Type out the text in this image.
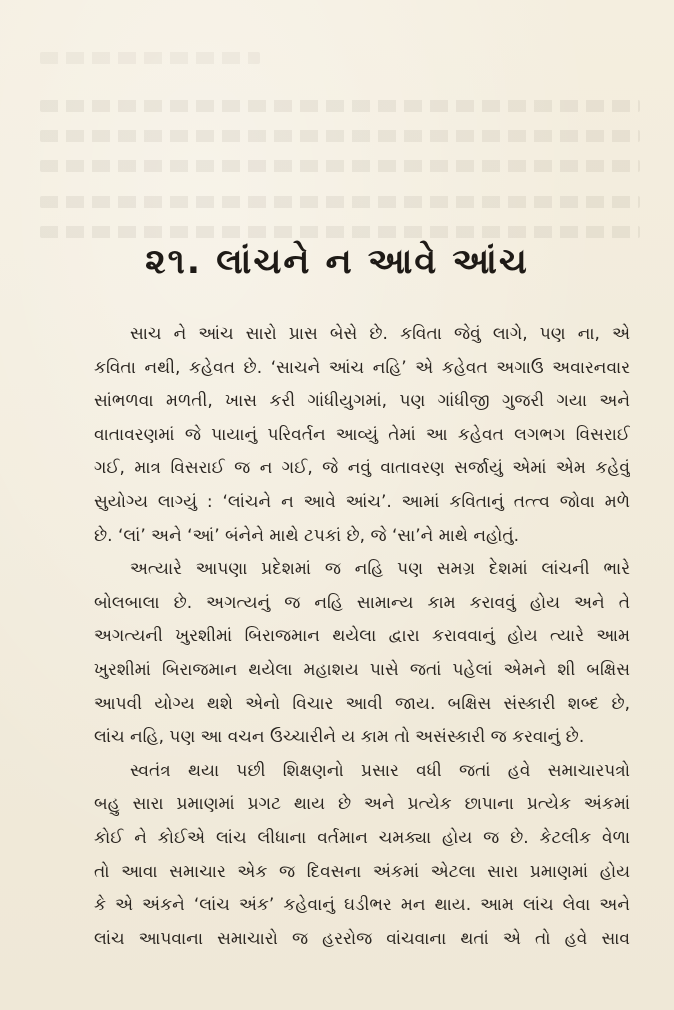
૨૧. લાંચને ન આવે આંચ
સાચ ને આંચ સારો પ્રાસ બેસે છે. કવિતા જેવું લાગે, પણ ના, એ
કવિતા નથી, કહેવત છે. ‘સાચને આંચ નહિ’ એ કહેવત અગાઉ અવારનવાર
સાંભળવા મળતી, ખાસ કરી ગાંધીયુગમાં, પણ ગાંધીજી ગુજરી ગયા અને
વાતાવરણમાં જે પાયાનું પરિવર્તન આવ્યું તેમાં આ કહેવત લગભગ વિસરાઈ
ગઈ, માત્ર વિસરાઈ જ ન ગઈ, જે નવું વાતાવરણ સર્જાયું એમાં એમ કહેવું
સુયોગ્ય લાગ્યું : ‘લાંચને ન આવે આંચ’. આમાં કવિતાનું તત્ત્વ જોવા મળે
છે. ‘લાં’ અને ‘આં’ બંનેને માથે ટપકાં છે, જે ‘સા’ને માથે નહોતું.
અત્યારે આપણા પ્રદેશમાં જ નહિ પણ સમગ્ર દેશમાં લાંચની ભારે
બોલબાલા છે. અગત્યનું જ નહિ સામાન્ય કામ કરાવવું હોય અને તે
અગત્યની ખુરશીમાં બિરાજમાન થયેલા દ્વારા કરાવવાનું હોય ત્યારે આમ
ખુરશીમાં બિરાજમાન થયેલા મહાશય પાસે જતાં પહેલાં એમને શી બક્ષિસ
આપવી યોગ્ય થશે એનો વિચાર આવી જાય. બક્ષિસ સંસ્કારી શબ્દ છે,
લાંચ નહિ, પણ આ વચન ઉચ્ચારીને ય કામ તો અસંસ્કારી જ કરવાનું છે.
સ્વતંત્ર થયા પછી શિક્ષણનો પ્રસાર વધી જતાં હવે સમાચારપત્રો
બહુ સારા પ્રમાણમાં પ્રગટ થાય છે અને પ્રત્યેક છાપાના પ્રત્યેક અંકમાં
કોઈ ને કોઈએ લાંચ લીધાના વર્તમાન ચમક્યા હોય જ છે. કેટલીક વેળા
તો આવા સમાચાર એક જ દિવસના અંકમાં એટલા સારા પ્રમાણમાં હોય
કે એ અંકને ‘લાંચ અંક’ કહેવાનું ઘડીભર મન થાય. આમ લાંચ લેવા અને
લાંચ આપવાના સમાચારો જ હરરોજ વાંચવાના થતાં એ તો હવે સાવ
